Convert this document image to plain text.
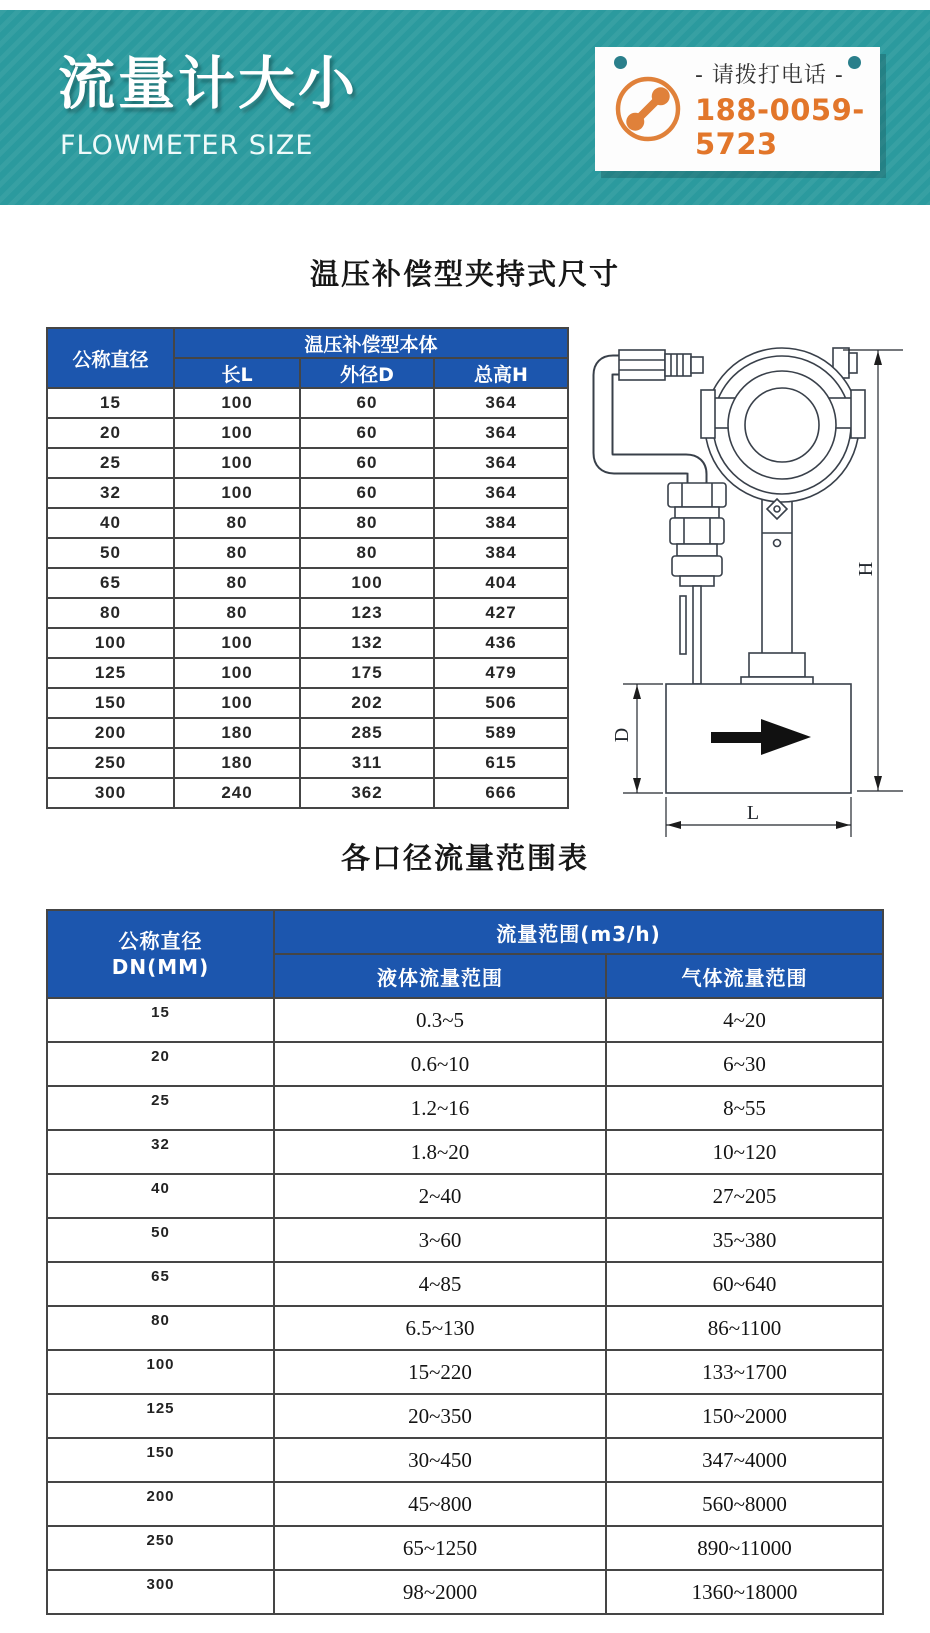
流量计大小
FLOWMETER SIZE
- 请拨打电话 -
188-0059-5723
温压补偿型夹持式尺寸
公称直径	温压补偿型本体		
	长L	外径D	总高H
15	100	60	364
20	100	60	364
25	100	60	364
32	100	60	364
40	80	80	384
50	80	80	384
65	80	100	404
80	80	123	427
100	100	132	436
125	100	175	479
150	100	202	506
200	180	285	589
250	180	311	615
300	240	362	666
H
D
L
各口径流量范围表
公称直径
DN(MM)	流量范围(m3/h)	
	液体流量范围	气体流量范围
15	0.3~5	4~20
20	0.6~10	6~30
25	1.2~16	8~55
32	1.8~20	10~120
40	2~40	27~205
50	3~60	35~380
65	4~85	60~640
80	6.5~130	86~1100
100	15~220	133~1700
125	20~350	150~2000
150	30~450	347~4000
200	45~800	560~8000
250	65~1250	890~11000
300	98~2000	1360~18000
